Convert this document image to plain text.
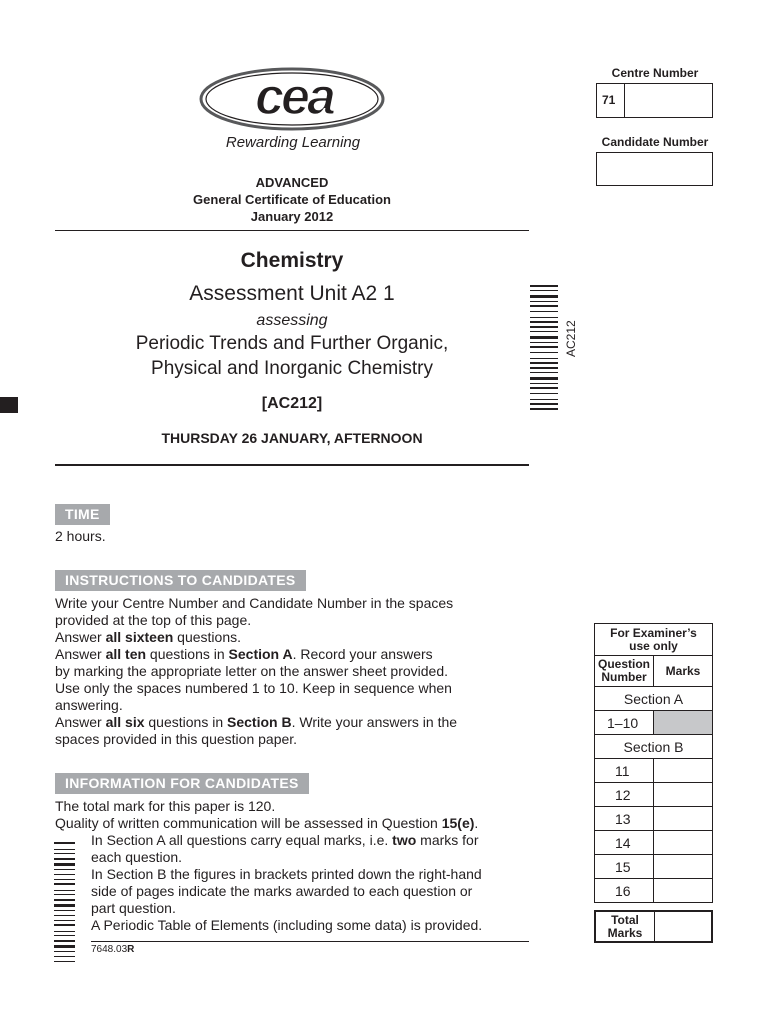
cea
Rewarding Learning
ADVANCED
General Certificate of Education
January 2012
Chemistry
Assessment Unit A2 1
assessing
Periodic Trends and Further Organic,
Physical and Inorganic Chemistry
[AC212]
THURSDAY 26 JANUARY, AFTERNOON
AC212
Centre Number
71
Candidate Number
TIME
2 hours.
INSTRUCTIONS TO CANDIDATES
Write your Centre Number and Candidate Number in the spaces
provided at the top of this page.
Answer all sixteen questions.
Answer all ten questions in Section A. Record your answers
by marking the appropriate letter on the answer sheet provided.
Use only the spaces numbered 1 to 10. Keep in sequence when
answering.
Answer all six questions in Section B. Write your answers in the
spaces provided in this question paper.
INFORMATION FOR CANDIDATES
The total mark for this paper is 120.
Quality of written communication will be assessed in Question 15(e).
In Section A all questions carry equal marks, i.e. two marks for
each question.
In Section B the figures in brackets printed down the right-hand
side of pages indicate the marks awarded to each question or
part question.
A Periodic Table of Elements (including some data) is provided.
7648.03R
For Examiner’s use only
Question Number	Marks
Section A
1–10
Section B
11
12
13
14
15
16
Total Marks
